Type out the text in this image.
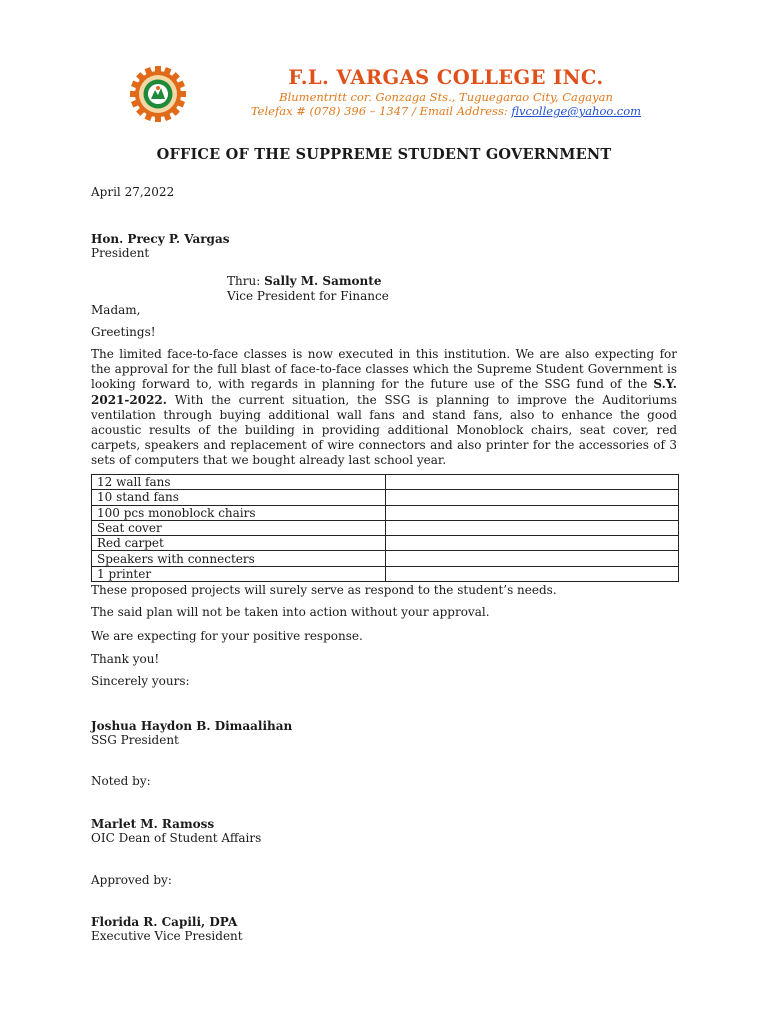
F.L. VARGAS COLLEGE INC.
Blumentritt cor. Gonzaga Sts., Tuguegarao City, Cagayan
Telefax # (078) 396 – 1347 / Email Address: flvcollege@yahoo.com
OFFICE OF THE SUPPREME STUDENT GOVERNMENT
April 27,2022
Hon. Precy P. Vargas
President
Thru: Sally M. Samonte
Vice President for Finance
Madam,
Greetings!
The limited face-to-face classes is now executed in this institution. We are also expecting for the approval for the full blast of face-to-face classes which the Supreme Student Government is looking forward to, with regards in planning for the future use of the SSG fund of the S.Y. 2021-2022. With the current situation, the SSG is planning to improve the Auditoriums ventilation through buying additional wall fans and stand fans, also to enhance the good acoustic results of the building in providing additional Monoblock chairs, seat cover, red carpets, speakers and replacement of wire connectors and also printer for the accessories of 3 sets of computers that we bought already last school year.
12 wall fans	
10 stand fans	
100 pcs monoblock chairs	
Seat cover	
Red carpet	
Speakers with connecters	
1 printer	
These proposed projects will surely serve as respond to the student’s needs.
The said plan will not be taken into action without your approval.
We are expecting for your positive response.
Thank you!
Sincerely yours:
Joshua Haydon B. Dimaalihan
SSG President
Noted by:
Marlet M. Ramoss
OIC Dean of Student Affairs
Approved by:
Florida R. Capili, DPA
Executive Vice President
